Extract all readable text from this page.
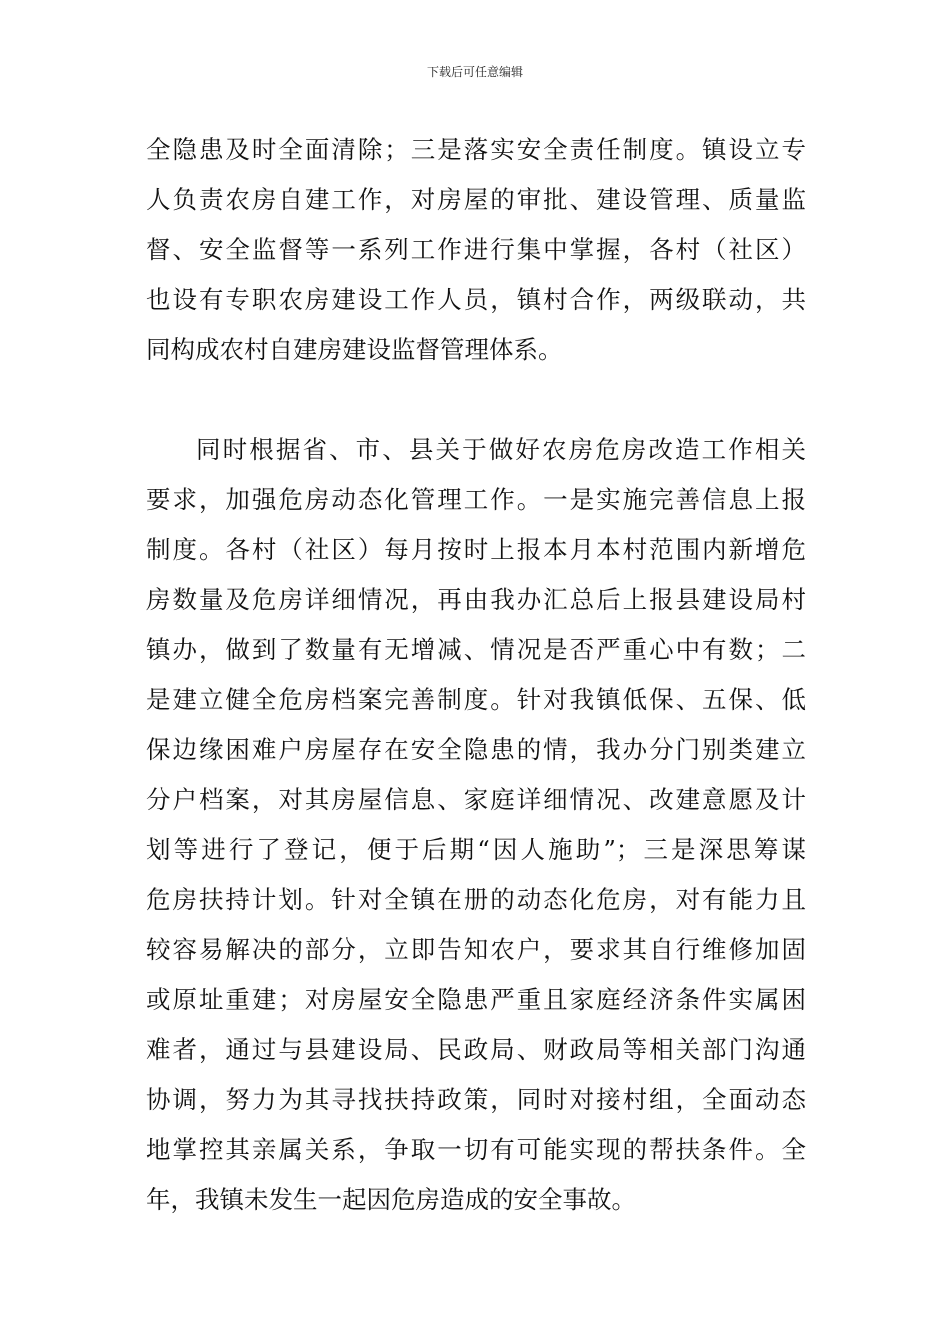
下载后可任意编辑
全隐患及时全面清除；三是落实安全责任制度。镇设立专
人负责农房自建工作，对房屋的审批、建设管理、质量监
督、安全监督等一系列工作进行集中掌握，各村（社区）
也设有专职农房建设工作人员，镇村合作，两级联动，共
同构成农村自建房建设监督管理体系。
同时根据省、市、县关于做好农房危房改造工作相关
要求，加强危房动态化管理工作。一是实施完善信息上报
制度。各村（社区）每月按时上报本月本村范围内新增危
房数量及危房详细情况，再由我办汇总后上报县建设局村
镇办，做到了数量有无增减、情况是否严重心中有数；二
是建立健全危房档案完善制度。针对我镇低保、五保、低
保边缘困难户房屋存在安全隐患的情，我办分门别类建立
分户档案，对其房屋信息、家庭详细情况、改建意愿及计
划等进行了登记，便于后期“因人施助”；三是深思筹谋
危房扶持计划。针对全镇在册的动态化危房，对有能力且
较容易解决的部分，立即告知农户，要求其自行维修加固
或原址重建；对房屋安全隐患严重且家庭经济条件实属困
难者，通过与县建设局、民政局、财政局等相关部门沟通
协调，努力为其寻找扶持政策，同时对接村组，全面动态
地掌控其亲属关系，争取一切有可能实现的帮扶条件。全
年，我镇未发生一起因危房造成的安全事故。
